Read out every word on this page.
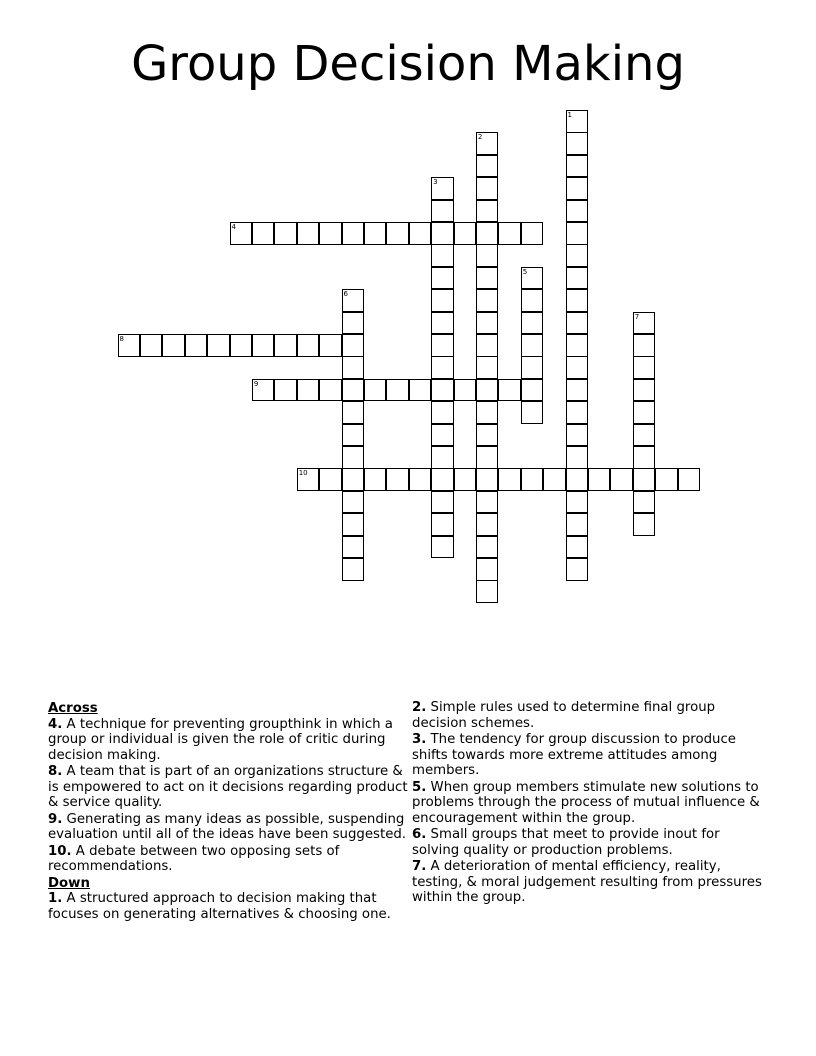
Group Decision Making
1
2
3
4
5
6
7
8
9
10
Across
4. A technique for preventing groupthink in which a group or individual is given the role of critic during decision making.
8. A team that is part of an organizations structure & is empowered to act on it decisions regarding product & service quality.
9. Generating as many ideas as possible, suspending evaluation until all of the ideas have been suggested.
10. A debate between two opposing sets of recommendations.
Down
1. A structured approach to decision making that focuses on generating alternatives & choosing one.
2. Simple rules used to determine final group decision schemes.
3. The tendency for group discussion to produce shifts towards more extreme attitudes among members.
5. When group members stimulate new solutions to problems through the process of mutual influence & encouragement within the group.
6. Small groups that meet to provide inout for solving quality or production problems.
7. A deterioration of mental efficiency, reality, testing, & moral judgement resulting from pressures within the group.
